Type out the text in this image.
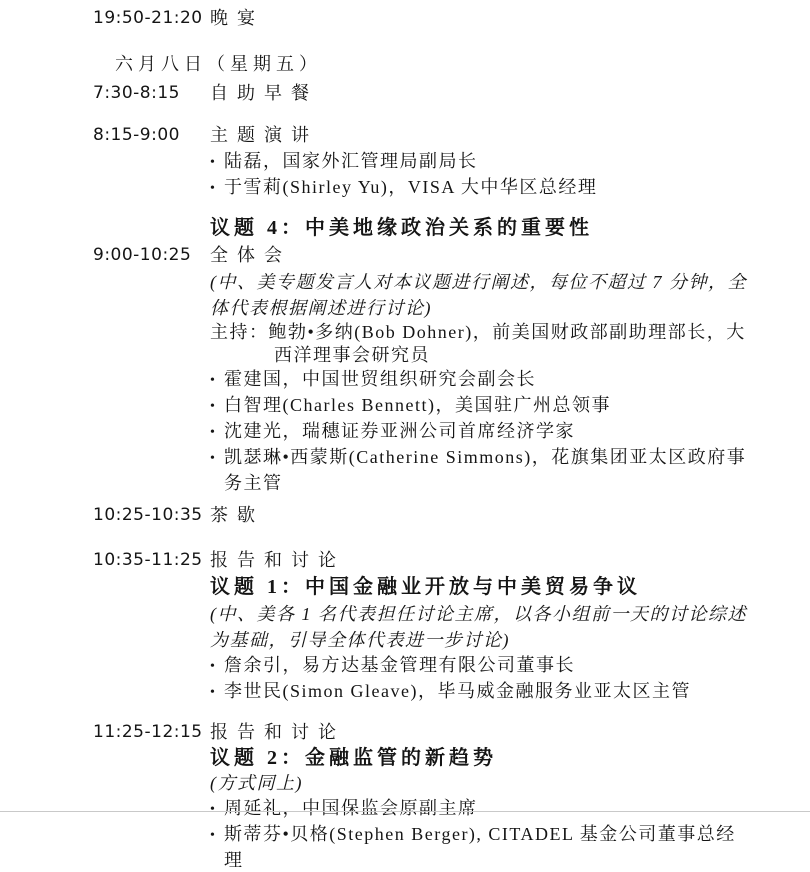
19:50-21:20 晚宴
六月八日（星期五）
7:30-8:15	自助早餐
8:15-9:00	主题演讲
• 陆磊，国家外汇管理局副局长
• 于雪莉(Shirley Yu)，VISA 大中华区总经理
议题 4：中美地缘政治关系的重要性
9:00-10:25	全体会
(中、美专题发言人对本议题进行阐述，每位不超过 7 分钟，全体代表根据阐述进行讨论)
主持：鲍勃•多纳(Bob Dohner)，前美国财政部副助理部长，大西洋理事会研究员
• 霍建国，中国世贸组织研究会副会长
• 白智理(Charles Bennett)，美国驻广州总领事
• 沈建光，瑞穗证券亚洲公司首席经济学家
• 凯瑟琳•西蒙斯(Catherine Simmons)，花旗集团亚太区政府事务主管
10:25-10:35 茶歇
10:35-11:25 报告和讨论
议题 1：中国金融业开放与中美贸易争议
(中、美各 1 名代表担任讨论主席，以各小组前一天的讨论综述为基础，引导全体代表进一步讨论)
• 詹余引，易方达基金管理有限公司董事长
• 李世民(Simon Gleave)，毕马威金融服务业亚太区主管
11:25-12:15 报告和讨论
议题 2：金融监管的新趋势
(方式同上)
• 周延礼，中国保监会原副主席
• 斯蒂芬•贝格(Stephen Berger), CITADEL 基金公司董事总经理
